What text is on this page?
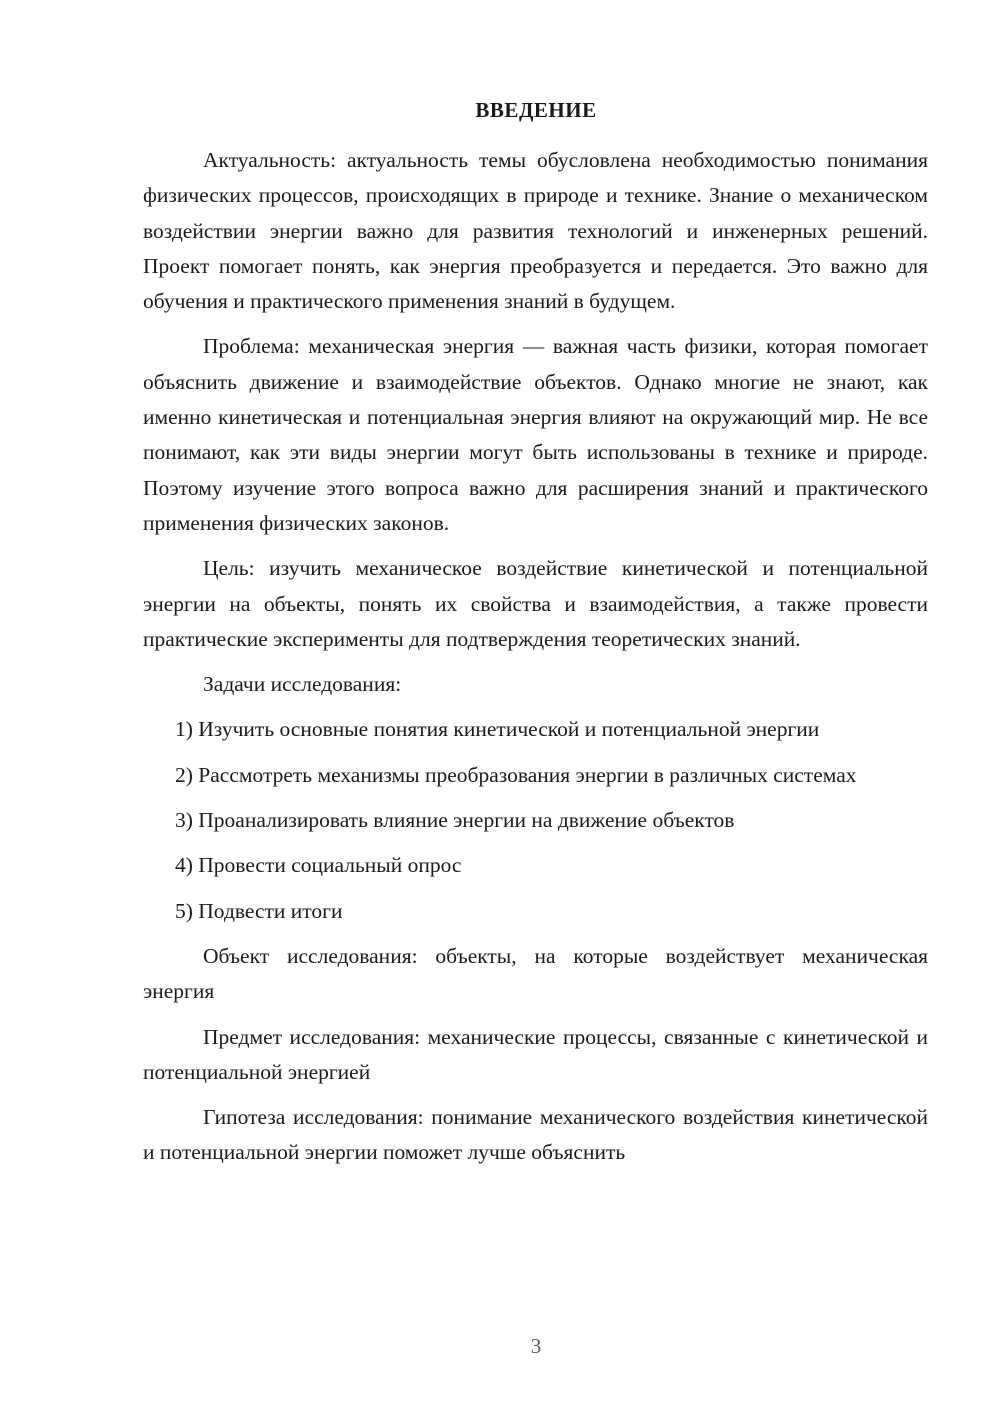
ВВЕДЕНИЕ

Актуальность: актуальность темы обусловлена необходимостью понимания физических процессов, происходящих в природе и технике. Знание о механическом воздействии энергии важно для развития технологий и инженерных решений. Проект помогает понять, как энергия преобразуется и передается. Это важно для обучения и практического применения знаний в будущем.

Проблема: механическая энергия — важная часть физики, которая помогает объяснить движение и взаимодействие объектов. Однако многие не знают, как именно кинетическая и потенциальная энергия влияют на окружающий мир. Не все понимают, как эти виды энергии могут быть использованы в технике и природе. Поэтому изучение этого вопроса важно для расширения знаний и практического применения физических законов.

Цель: изучить механическое воздействие кинетической и потенциальной энергии на объекты, понять их свойства и взаимодействия, а также провести практические эксперименты для подтверждения теоретических знаний.

Задачи исследования:

1) Изучить основные понятия кинетической и потенциальной энергии

2) Рассмотреть механизмы преобразования энергии в различных системах

3) Проанализировать влияние энергии на движение объектов

4) Провести социальный опрос

5) Подвести итоги

Объект исследования: объекты, на которые воздействует механическая энергия

Предмет исследования: механические процессы, связанные с кинетической и потенциальной энергией

Гипотеза исследования: понимание механического воздействия кинетической и потенциальной энергии поможет лучше объяснить

3
